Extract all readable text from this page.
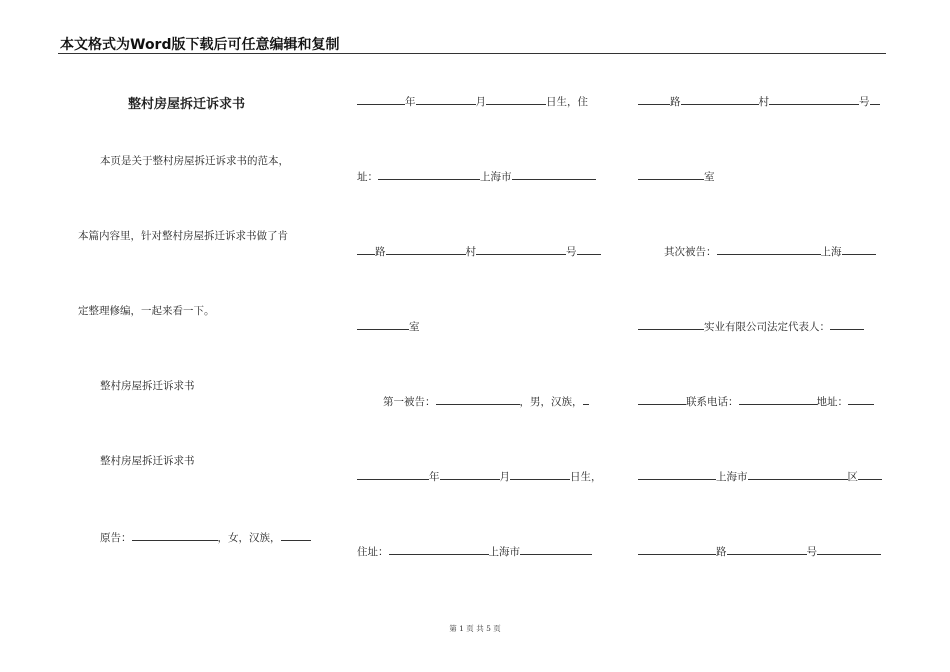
本文格式为Word版下载后可任意编辑和复制
整村房屋拆迁诉求书
本页是关于整村房屋拆迁诉求书的范本，
本篇内容里，针对整村房屋拆迁诉求书做了肯
定整理修编，一起来看一下。
整村房屋拆迁诉求书
整村房屋拆迁诉求书
原告：	，女，汉族，
年	月	日生，住
址：	上海市
路	村	号
室
第一被告：	，男，汉族，
年	月	日生，
住址：	上海市
路	村	号
室
其次被告：	上海
实业有限公司法定代表人：
联系电话：	地址：
上海市	区
路	号
第 1 页 共 5 页
